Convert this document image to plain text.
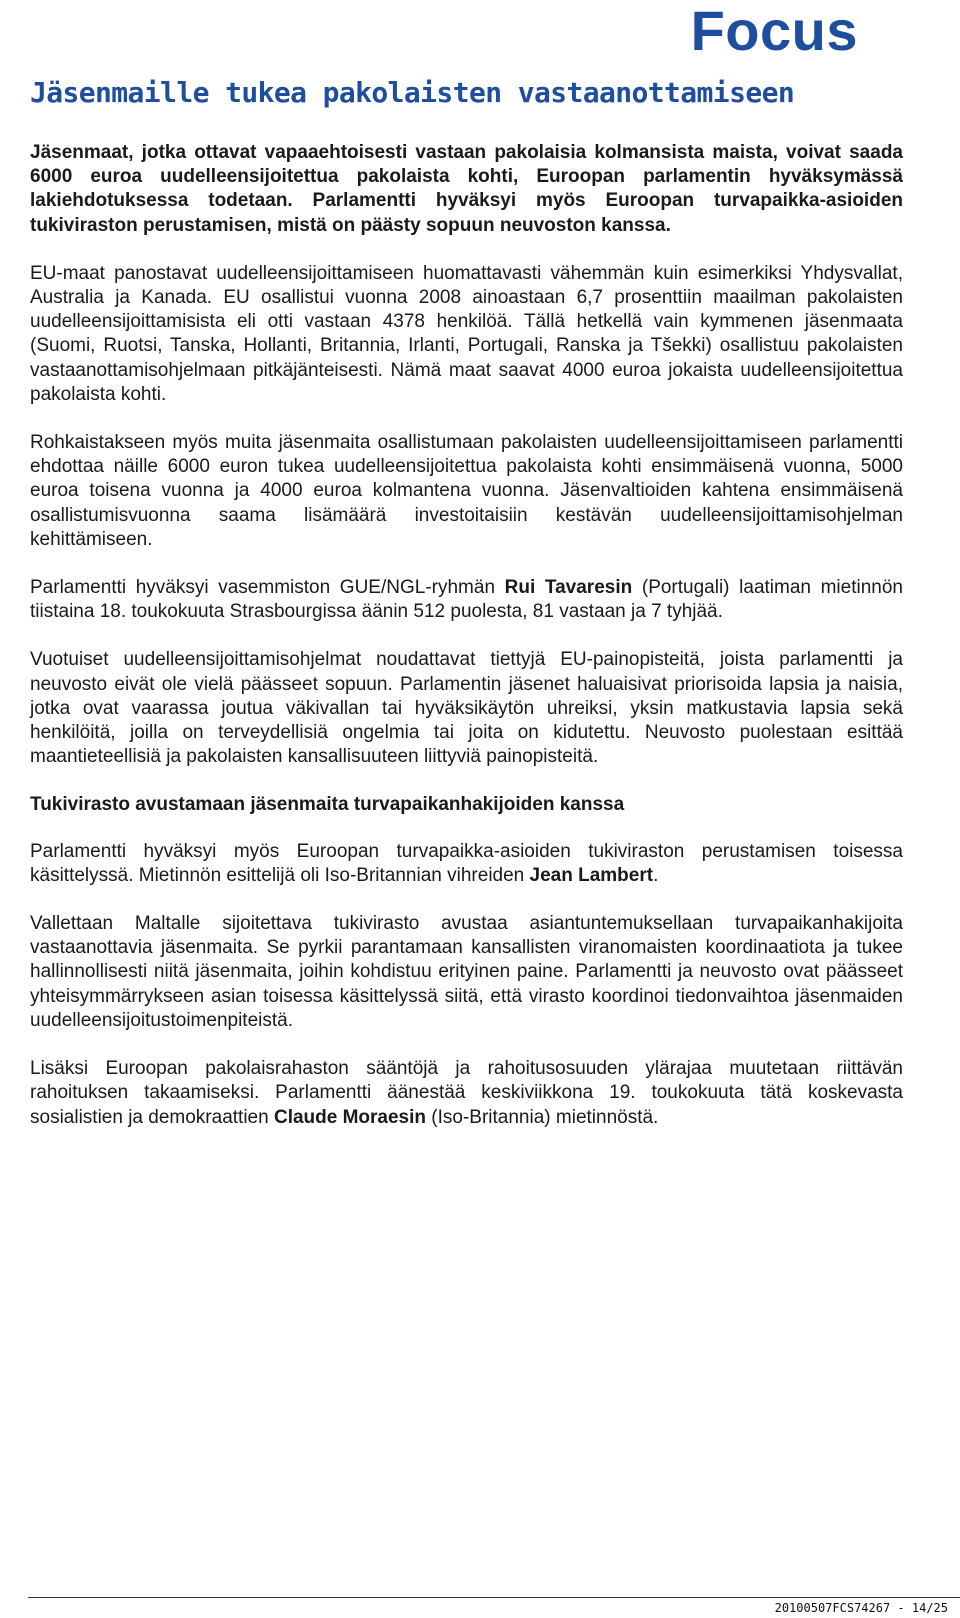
Focus
Jäsenmaille tukea pakolaisten vastaanottamiseen

Jäsenmaat, jotka ottavat vapaaehtoisesti vastaan pakolaisia kolmansista maista, voivat saada 6000 euroa uudelleensijoitettua pakolaista kohti, Euroopan parlamentin hyväksymässä lakiehdotuksessa todetaan. Parlamentti hyväksyi myös Euroopan turvapaikka-asioiden tukiviraston perustamisen, mistä on päästy sopuun neuvoston kanssa.

EU-maat panostavat uudelleensijoittamiseen huomattavasti vähemmän kuin esimerkiksi Yhdysvallat, Australia ja Kanada. EU osallistui vuonna 2008 ainoastaan 6,7 prosenttiin maailman pakolaisten uudelleensijoittamisista eli otti vastaan 4378 henkilöä. Tällä hetkellä vain kymmenen jäsenmaata (Suomi, Ruotsi, Tanska, Hollanti, Britannia, Irlanti, Portugali, Ranska ja Tšekki) osallistuu pakolaisten vastaanottamisohjelmaan pitkäjänteisesti. Nämä maat saavat 4000 euroa jokaista uudelleensijoitettua pakolaista kohti.

Rohkaistakseen myös muita jäsenmaita osallistumaan pakolaisten uudelleensijoittamiseen parlamentti ehdottaa näille 6000 euron tukea uudelleensijoitettua pakolaista kohti ensimmäisenä vuonna, 5000 euroa toisena vuonna ja 4000 euroa kolmantena vuonna. Jäsenvaltioiden kahtena ensimmäisenä osallistumisvuonna saama lisämäärä investoitaisiin kestävän uudelleensijoittamisohjelman kehittämiseen.

Parlamentti hyväksyi vasemmiston GUE/NGL-ryhmän Rui Tavaresin (Portugali) laatiman mietinnön tiistaina 18. toukokuuta Strasbourgissa äänin 512 puolesta, 81 vastaan ja 7 tyhjää.

Vuotuiset uudelleensijoittamisohjelmat noudattavat tiettyjä EU-painopisteitä, joista parlamentti ja neuvosto eivät ole vielä päässeet sopuun. Parlamentin jäsenet haluaisivat priorisoida lapsia ja naisia, jotka ovat vaarassa joutua väkivallan tai hyväksikäytön uhreiksi, yksin matkustavia lapsia sekä henkilöitä, joilla on terveydellisiä ongelmia tai joita on kidutettu. Neuvosto puolestaan esittää maantieteellisiä ja pakolaisten kansallisuuteen liittyviä painopisteitä.

Tukivirasto avustamaan jäsenmaita turvapaikanhakijoiden kanssa

Parlamentti hyväksyi myös Euroopan turvapaikka-asioiden tukiviraston perustamisen toisessa käsittelyssä. Mietinnön esittelijä oli Iso-Britannian vihreiden Jean Lambert.

Vallettaan Maltalle sijoitettava tukivirasto avustaa asiantuntemuksellaan turvapaikanhakijoita vastaanottavia jäsenmaita. Se pyrkii parantamaan kansallisten viranomaisten koordinaatiota ja tukee hallinnollisesti niitä jäsenmaita, joihin kohdistuu erityinen paine. Parlamentti ja neuvosto ovat päässeet yhteisymmärrykseen asian toisessa käsittelyssä siitä, että virasto koordinoi tiedonvaihtoa jäsenmaiden uudelleensijoitustoimenpiteistä.

Lisäksi Euroopan pakolaisrahaston sääntöjä ja rahoitusosuuden ylärajaa muutetaan riittävän rahoituksen takaamiseksi. Parlamentti äänestää keskiviikkona 19. toukokuuta tätä koskevasta sosialistien ja demokraattien Claude Moraesin (Iso-Britannia) mietinnöstä.

20100507FCS74267 - 14/25
